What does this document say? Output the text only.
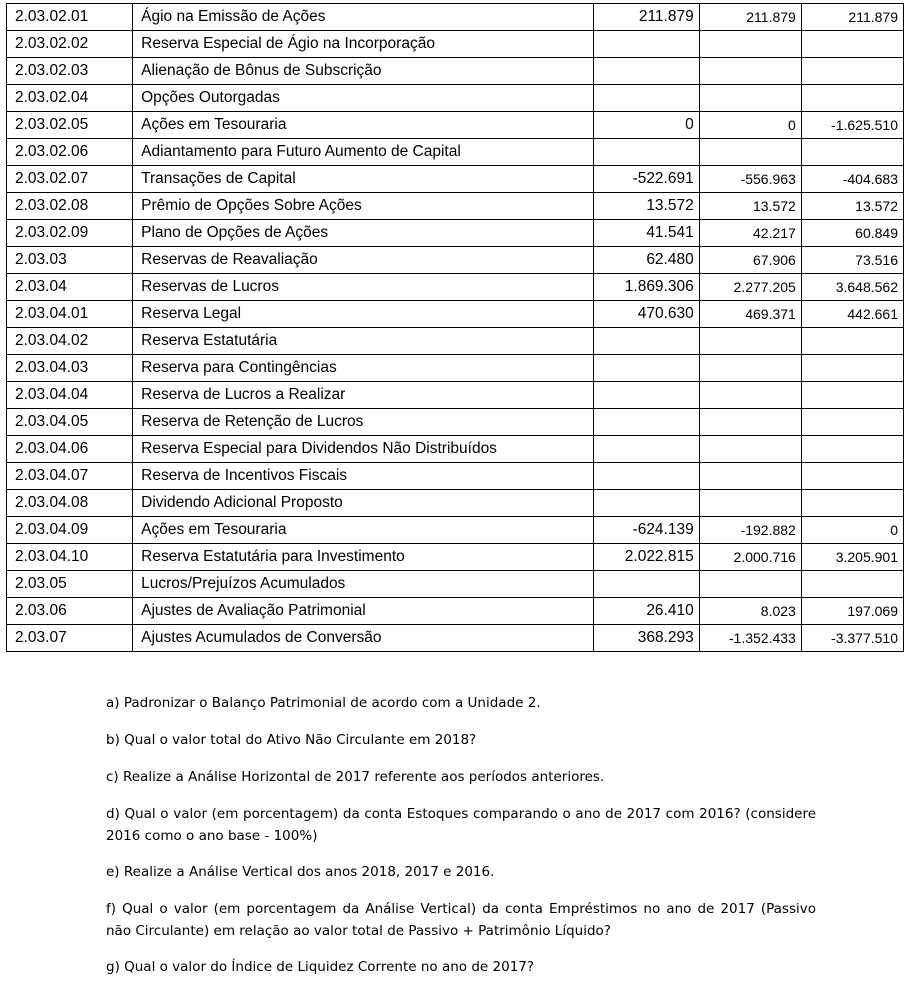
2.03.02.01	Ágio na Emissão de Ações	211.879	211.879	211.879
2.03.02.02	Reserva Especial de Ágio na Incorporação			
2.03.02.03	Alienação de Bônus de Subscrição			
2.03.02.04	Opções Outorgadas			
2.03.02.05	Ações em Tesouraria	0	0	-1.625.510
2.03.02.06	Adiantamento para Futuro Aumento de Capital			
2.03.02.07	Transações de Capital	-522.691	-556.963	-404.683
2.03.02.08	Prêmio de Opções Sobre Ações	13.572	13.572	13.572
2.03.02.09	Plano de Opções de Ações	41.541	42.217	60.849
2.03.03	Reservas de Reavaliação	62.480	67.906	73.516
2.03.04	Reservas de Lucros	1.869.306	2.277.205	3.648.562
2.03.04.01	Reserva Legal	470.630	469.371	442.661
2.03.04.02	Reserva Estatutária			
2.03.04.03	Reserva para Contingências			
2.03.04.04	Reserva de Lucros a Realizar			
2.03.04.05	Reserva de Retenção de Lucros			
2.03.04.06	Reserva Especial para Dividendos Não Distribuídos			
2.03.04.07	Reserva de Incentivos Fiscais			
2.03.04.08	Dividendo Adicional Proposto			
2.03.04.09	Ações em Tesouraria	-624.139	-192.882	0
2.03.04.10	Reserva Estatutária para Investimento	2.022.815	2.000.716	3.205.901
2.03.05	Lucros/Prejuízos Acumulados			
2.03.06	Ajustes de Avaliação Patrimonial	26.410	8.023	197.069
2.03.07	Ajustes Acumulados de Conversão	368.293	-1.352.433	-3.377.510

a) Padronizar o Balanço Patrimonial de acordo com a Unidade 2.

b) Qual o valor total do Ativo Não Circulante em 2018?

c) Realize a Análise Horizontal de 2017 referente aos períodos anteriores.

d) Qual o valor (em porcentagem) da conta Estoques comparando o ano de 2017 com 2016? (considere 2016 como o ano base - 100%)

e) Realize a Análise Vertical dos anos 2018, 2017 e 2016.

f) Qual o valor (em porcentagem da Análise Vertical) da conta Empréstimos no ano de 2017 (Passivo não Circulante) em relação ao valor total de Passivo + Patrimônio Líquido?

g) Qual o valor do Índice de Liquidez Corrente no ano de 2017?
